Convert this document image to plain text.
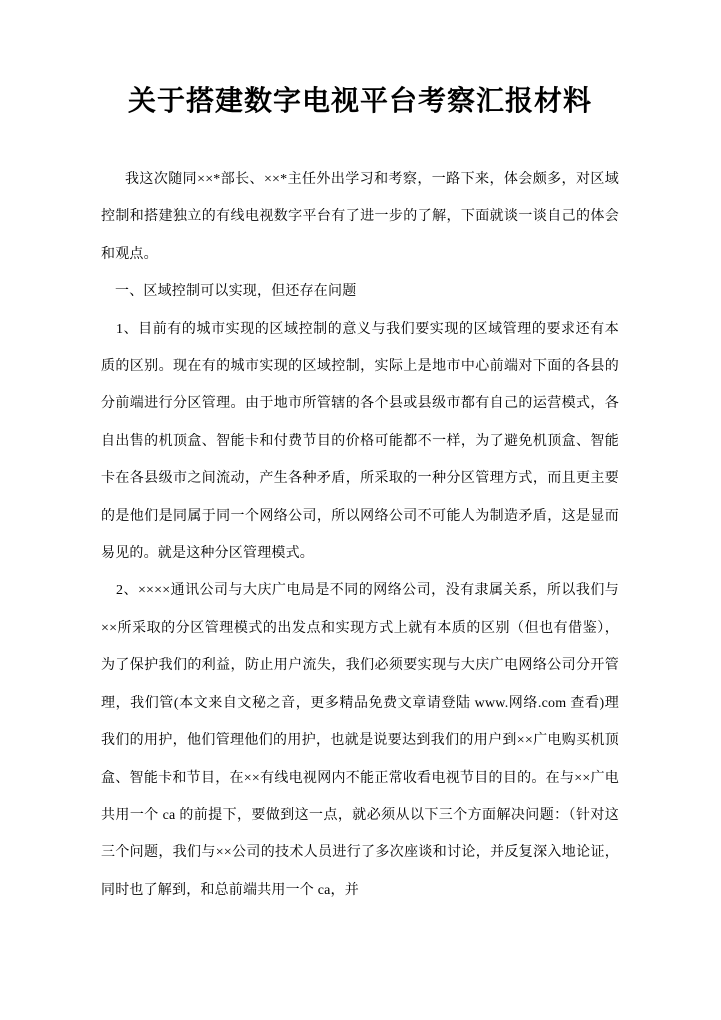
关于搭建数字电视平台考察汇报材料

我这次随同××*部长、××*主任外出学习和考察，一路下来，体会颇多，对区域控制和搭建独立的有线电视数字平台有了进一步的了解，下面就谈一谈自己的体会和观点。

一、区域控制可以实现，但还存在问题

1、目前有的城市实现的区域控制的意义与我们要实现的区域管理的要求还有本质的区别。现在有的城市实现的区域控制，实际上是地市中心前端对下面的各县的分前端进行分区管理。由于地市所管辖的各个县或县级市都有自己的运营模式，各自出售的机顶盒、智能卡和付费节目的价格可能都不一样，为了避免机顶盒、智能卡在各县级市之间流动，产生各种矛盾，所采取的一种分区管理方式，而且更主要的是他们是同属于同一个网络公司，所以网络公司不可能人为制造矛盾，这是显而易见的。就是这种分区管理模式。

2、××××通讯公司与大庆广电局是不同的网络公司，没有隶属关系，所以我们与××所采取的分区管理模式的出发点和实现方式上就有本质的区别（但也有借鉴），为了保护我们的利益，防止用户流失，我们必须要实现与大庆广电网络公司分开管理，我们管(本文来自文秘之音，更多精品免费文章请登陆 www.网络.com 查看)理我们的用护，他们管理他们的用护，也就是说要达到我们的用户到××广电购买机顶盒、智能卡和节目，在××有线电视网内不能正常收看电视节目的目的。在与××广电共用一个 ca 的前提下，要做到这一点，就必须从以下三个方面解决问题：（针对这三个问题，我们与××公司的技术人员进行了多次座谈和讨论，并反复深入地论证，同时也了解到，和总前端共用一个 ca，并
